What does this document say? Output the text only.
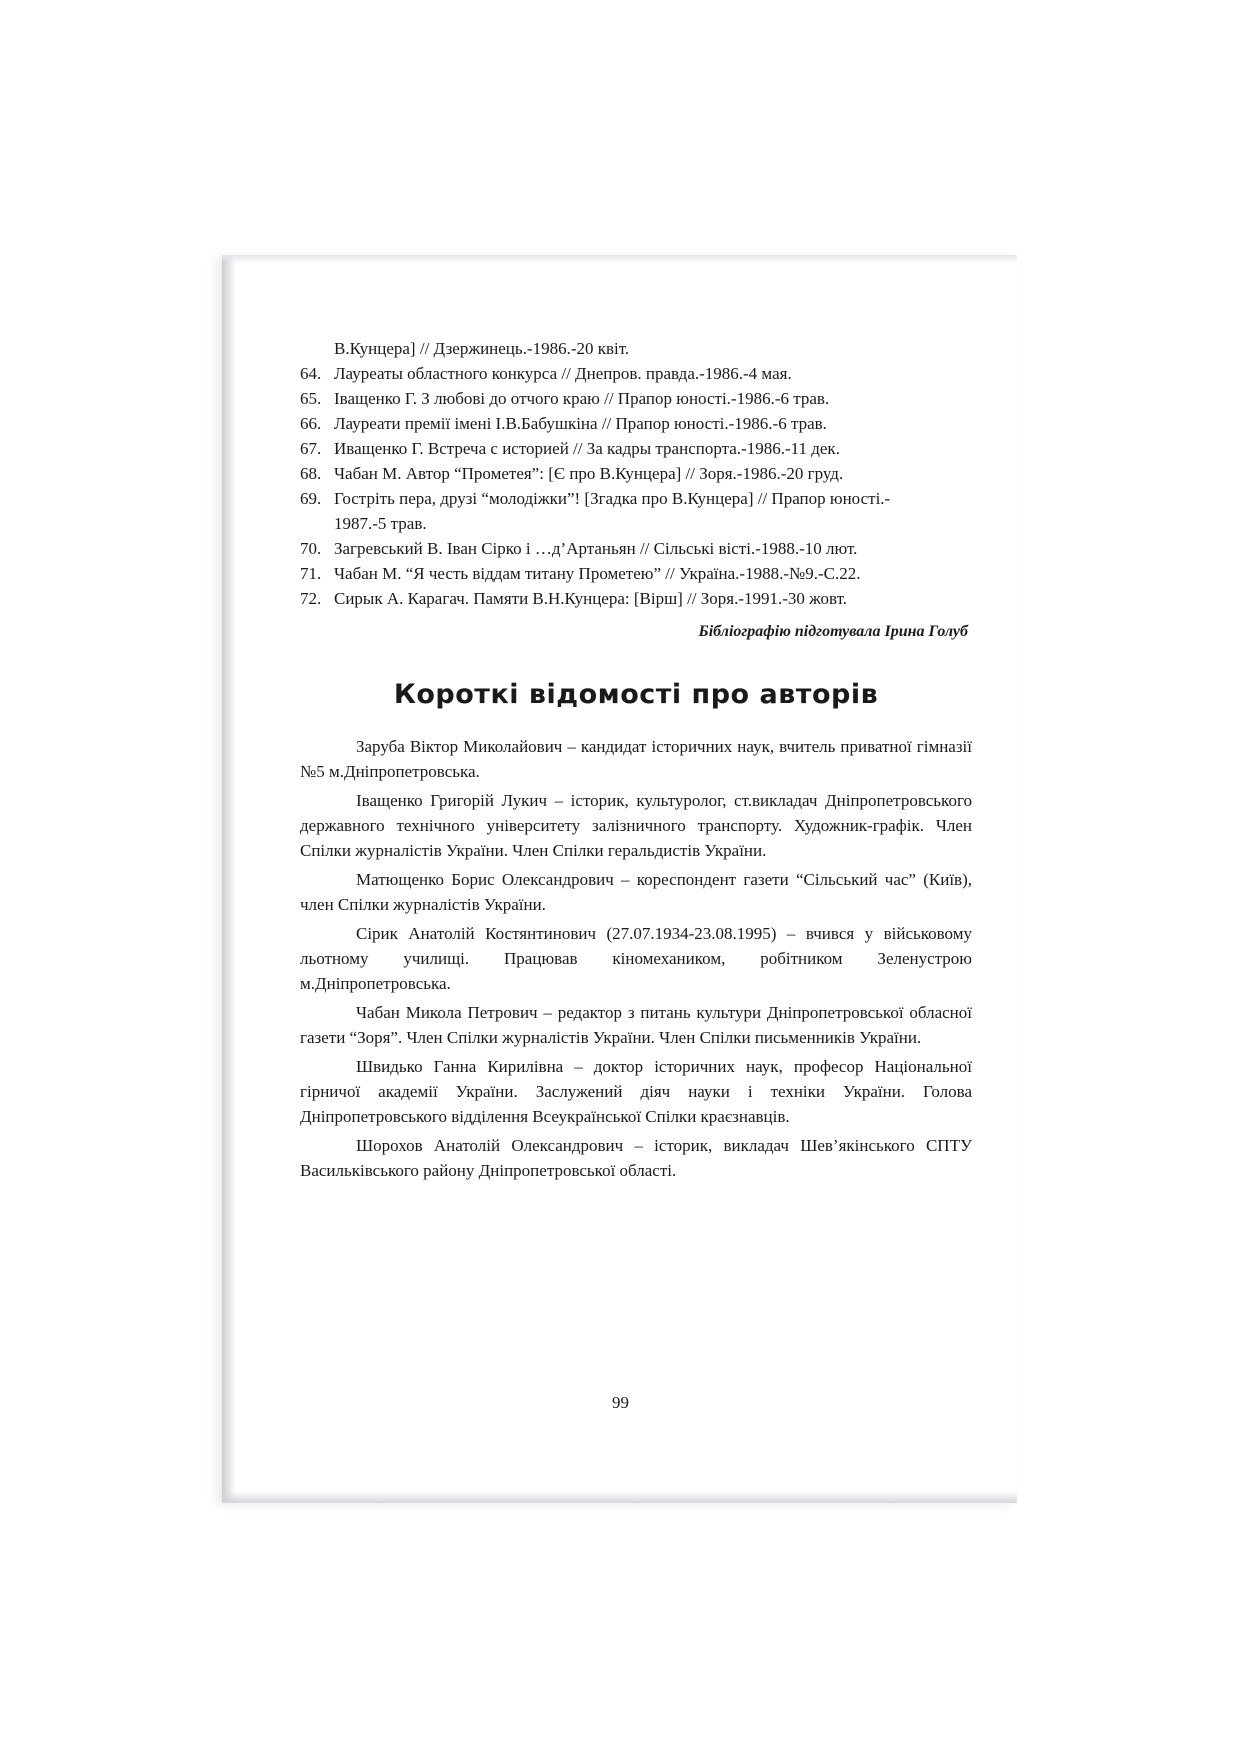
В.Кунцера] // Дзержинець.-1986.-20 квіт.
64. Лауреаты областного конкурса // Днепров. правда.-1986.-4 мая.
65. Іващенко Г. З любові до отчого краю // Прапор юності.-1986.-6 трав.
66. Лауреати премії імені І.В.Бабушкіна // Прапор юності.-1986.-6 трав.
67. Иващенко Г. Встреча с историей // За кадры транспорта.-1986.-11 дек.
68. Чабан М. Автор “Прометея”: [Є про В.Кунцера] // Зоря.-1986.-20 груд.
69. Гостріть пера, друзі “молодіжки”! [Згадка про В.Кунцера] // Прапор юності.-
1987.-5 трав.
70. Загревський В. Іван Сірко і …д’Артаньян // Сільські вісті.-1988.-10 лют.
71. Чабан М. “Я честь віддам титану Прометею” // Україна.-1988.-№9.-С.22.
72. Сирык А. Карагач. Памяти В.Н.Кунцера: [Вірш] // Зоря.-1991.-30 жовт.
Бібліографію підготувала Ірина Голуб
Короткі відомості про авторів

Заруба Віктор Миколайович – кандидат історичних наук, вчитель приватної гімназії №5 м.Дніпропетровська.

Іващенко Григорій Лукич – історик, культуролог, ст.викладач Дніпропетровського державного технічного університету залізничного транспорту. Художник-графік. Член Спілки журналістів України. Член Спілки геральдистів України.

Матющенко Борис Олександрович – кореспондент газети “Сільський час” (Київ), член Спілки журналістів України.

Сірик Анатолій Костянтинович (27.07.1934-23.08.1995) – вчився у військовому льотному училищі. Працював кіномехаником, робітником Зеленустрою м.Дніпропетровська.

Чабан Микола Петрович – редактор з питань культури Дніпропетровської обласної газети “Зоря”. Член Спілки журналістів України. Член Спілки письменників України.

Швидько Ганна Кирилівна – доктор історичних наук, професор Національної гірничої академії України. Заслужений діяч науки і техніки України. Голова Дніпропетровського відділення Всеукраїнської Спілки краєзнавців.

Шорохов Анатолій Олександрович – історик, викладач Шев’якінського СПТУ Васильківського району Дніпропетровської області.

99
